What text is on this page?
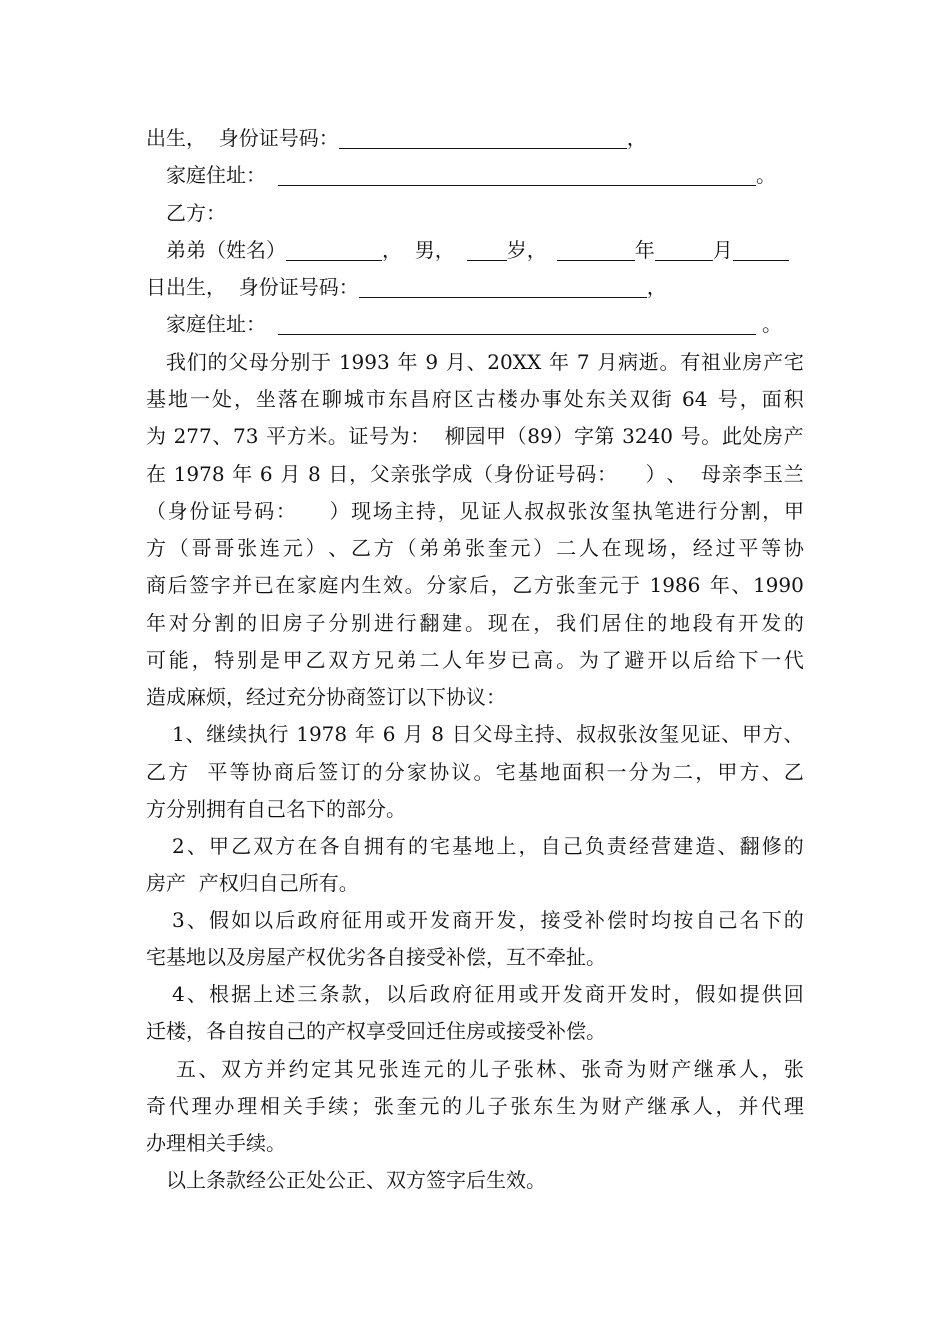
出生，  身份证号码：	，
家庭住址：	。
乙方：
弟弟（姓名）	，  男，	岁，	年	月
日出生，  身份证号码：	，
家庭住址：	。
我 们 的 父 母 分 别 于
1993
年
9
月 、 20XX
年
7
月 病 逝 。 有 祖 业 房 产 宅
基 地 一 处 ， 坐 落 在 聊 城 市 东 昌 府 区 古 楼 办 事 处 东 关 双 街
64
号 ， 面 积
为
277 、 73
平 方 米 。 证 号 为 ：

柳 园 甲 （ 89 ） 字 第
3240
号 。 此 处 房 产
在
1978
年
6
月
8
日 ， 父 亲 张 学 成 （ 身 份 证 号 码 ：

） 、

母 亲 李 玉 兰
（ 身 份 证 号 码 ：

） 现 场 主 持 ， 见 证 人 叔 叔 张 汝 玺 执 笔 进 行 分 割 ， 甲
方 （ 哥 哥 张 连 元 ） 、 乙 方 （ 弟 弟 张 奎 元 ） 二 人 在 现 场 ， 经 过 平 等 协
商 后 签 字 并 已 在 家 庭 内 生 效 。 分 家 后 ， 乙 方 张 奎 元 于
1986
年 、 1990
年 对 分 割 的 旧 房 子 分 别 进 行 翻 建 。 现 在 ， 我 们 居 住 的 地 段 有 开 发 的
可 能 ， 特 别 是 甲 乙 双 方 兄 弟 二 人 年 岁 已 高 。 为 了 避 开 以 后 给 下 一 代
造成麻烦，经过充分协商签订以下协议：
1 、 继 续 执 行
1978
年
6
月
8
日 父 母 主 持 、 叔 叔 张 汝 玺 见 证 、 甲 方 、
乙 方

平 等 协 商 后 签 订 的 分 家 协 议 。 宅 基 地 面 积 一 分 为 二 ， 甲 方 、 乙
方分别拥有自己名下的部分。
2 、 甲 乙 双 方 在 各 自 拥 有 的 宅 基 地 上 ， 自 己 负 责 经 营 建 造 、 翻 修 的
房产  产权归自己所有。
3 、 假 如 以 后 政 府 征 用 或 开 发 商 开 发 ， 接 受 补 偿 时 均 按 自 己 名 下 的
宅基地以及房屋产权优劣各自接受补偿，互不牵扯。
4 、 根 据 上 述 三 条 款 ， 以 后 政 府 征 用 或 开 发 商 开 发 时 ， 假 如 提 供 回
迁楼，各自按自己的产权享受回迁住房或接受补偿。
五 、 双 方 并 约 定 其 兄 张 连 元 的 儿 子 张 林 、 张 奇 为 财 产 继 承 人 ， 张
奇 代 理 办 理 相 关 手 续 ； 张 奎 元 的 儿 子 张 东 生 为 财 产 继 承 人 ， 并 代 理
办理相关手续。
以上条款经公正处公正、双方签字后生效。
